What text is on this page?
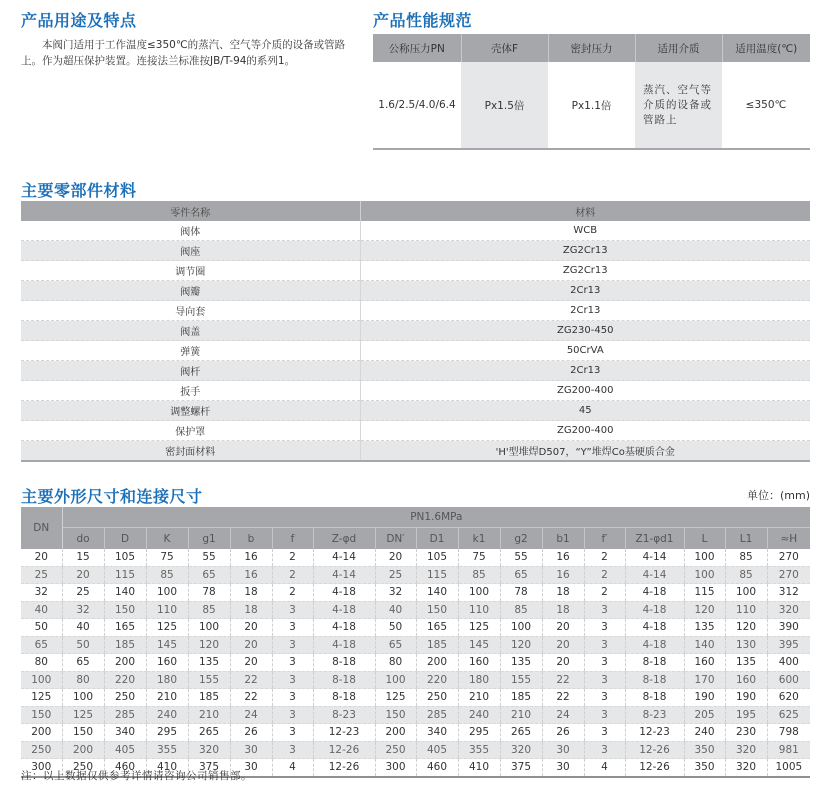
产品用途及特点
本阀门适用于工作温度≤350℃的蒸汽、空气等介质的设备或管路上。作为超压保护装置。连接法兰标准按JB/T-94的系列1。
产品性能规范
公称压力PN	壳体F	密封压力	适用介质	适用温度(℃)
1.6/2.5/4.0/6.4	Px1.5倍	Px1.1倍	蒸汽、空气等介质的设备或管路上	≤350℃
主要零部件材料
零件名称	材料
阀体	WCB
阀座	ZG2Cr13
调节圈	ZG2Cr13
阀瓣	2Cr13
导向套	2Cr13
阀盖	ZG230-450
弹簧	50CrVA
阀杆	2Cr13
扳手	ZG200-400
调整螺杆	45
保护罩	ZG200-400
密封面材料	'H'型堆焊D507，“Y”堆焊Co基硬质合金
主要外形尺寸和连接尺寸	单位：(mm)
DN	PN1.6MPa																
	do	D	K	g1	b	f	Z-φd	DN′	D1	k1	g2	b1	f′	Z1-φd1	L	L1	≈H
20	15	105	75	55	16	2	4-14	20	105	75	55	16	2	4-14	100	85	270
25	20	115	85	65	16	2	4-14	25	115	85	65	16	2	4-14	100	85	270
32	25	140	100	78	18	2	4-18	32	140	100	78	18	2	4-18	115	100	312
40	32	150	110	85	18	3	4-18	40	150	110	85	18	3	4-18	120	110	320
50	40	165	125	100	20	3	4-18	50	165	125	100	20	3	4-18	135	120	390
65	50	185	145	120	20	3	4-18	65	185	145	120	20	3	4-18	140	130	395
80	65	200	160	135	20	3	8-18	80	200	160	135	20	3	8-18	160	135	400
100	80	220	180	155	22	3	8-18	100	220	180	155	22	3	8-18	170	160	600
125	100	250	210	185	22	3	8-18	125	250	210	185	22	3	8-18	190	190	620
150	125	285	240	210	24	3	8-23	150	285	240	210	24	3	8-23	205	195	625
200	150	340	295	265	26	3	12-23	200	340	295	265	26	3	12-23	240	230	798
250	200	405	355	320	30	3	12-26	250	405	355	320	30	3	12-26	350	320	981
300	250	460	410	375	30	4	12-26	300	460	410	375	30	4	12-26	350	320	1005
注：以上数据仅供参考详情请咨询公司销售部。
